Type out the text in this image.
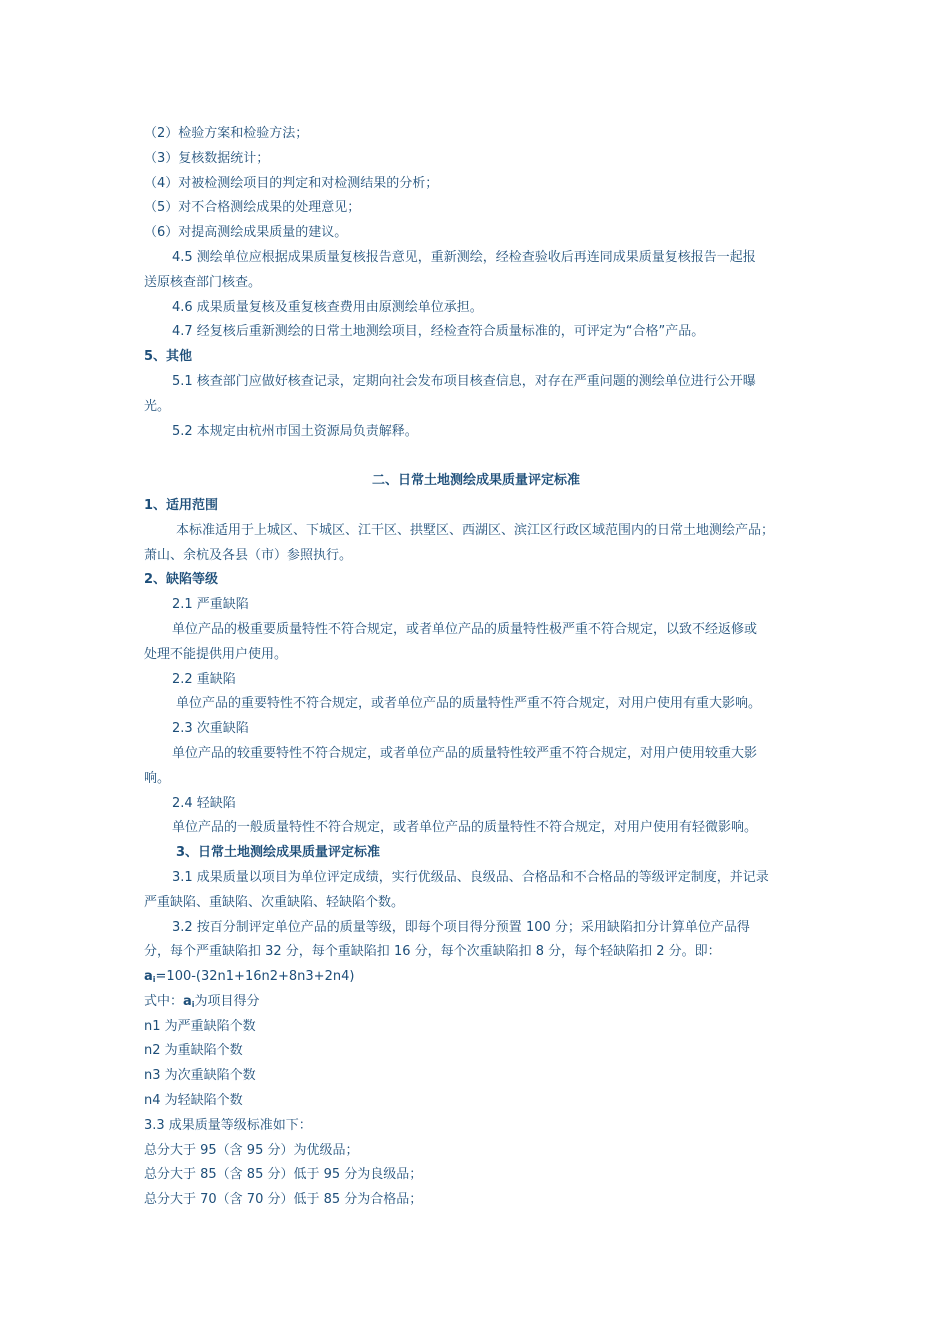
（2）检验方案和检验方法；
（3）复核数据统计；
（4）对被检测绘项目的判定和对检测结果的分析；
（5）对不合格测绘成果的处理意见；
（6）对提高测绘成果质量的建议。
4.5 测绘单位应根据成果质量复核报告意见，重新测绘，经检查验收后再连同成果质量复核报告一起报
送原核查部门核查。
4.6 成果质量复核及重复核查费用由原测绘单位承担。
4.7 经复核后重新测绘的日常土地测绘项目，经检查符合质量标准的，可评定为“合格”产品。
5、其他
5.1 核查部门应做好核查记录，定期向社会发布项目核查信息，对存在严重问题的测绘单位进行公开曝
光。
5.2 本规定由杭州市国土资源局负责解释。
二、日常土地测绘成果质量评定标准
1、适用范围
本标准适用于上城区、下城区、江干区、拱墅区、西湖区、滨江区行政区域范围内的日常土地测绘产品；
萧山、余杭及各县（市）参照执行。
2、缺陷等级
2.1 严重缺陷
单位产品的极重要质量特性不符合规定，或者单位产品的质量特性极严重不符合规定，以致不经返修或
处理不能提供用户使用。
2.2 重缺陷
单位产品的重要特性不符合规定，或者单位产品的质量特性严重不符合规定，对用户使用有重大影响。
2.3 次重缺陷
单位产品的较重要特性不符合规定，或者单位产品的质量特性较严重不符合规定，对用户使用较重大影
响。
2.4 轻缺陷
单位产品的一般质量特性不符合规定，或者单位产品的质量特性不符合规定，对用户使用有轻微影响。
3、日常土地测绘成果质量评定标准
3.1 成果质量以项目为单位评定成绩，实行优级品、良级品、合格品和不合格品的等级评定制度，并记录
严重缺陷、重缺陷、次重缺陷、轻缺陷个数。
3.2 按百分制评定单位产品的质量等级，即每个项目得分预置 100 分；采用缺陷扣分计算单位产品得
分，每个严重缺陷扣 32 分，每个重缺陷扣 16 分，每个次重缺陷扣 8 分，每个轻缺陷扣 2 分。即：
$a_i=100-(32n1+16n2+8n3+2n4)$
式中：$a_i$为项目得分
n1 为严重缺陷个数
n2 为重缺陷个数
n3 为次重缺陷个数
n4 为轻缺陷个数
3.3 成果质量等级标准如下：
总分大于 95（含 95 分）为优级品；
总分大于 85（含 85 分）低于 95 分为良级品；
总分大于 70（含 70 分）低于 85 分为合格品；
